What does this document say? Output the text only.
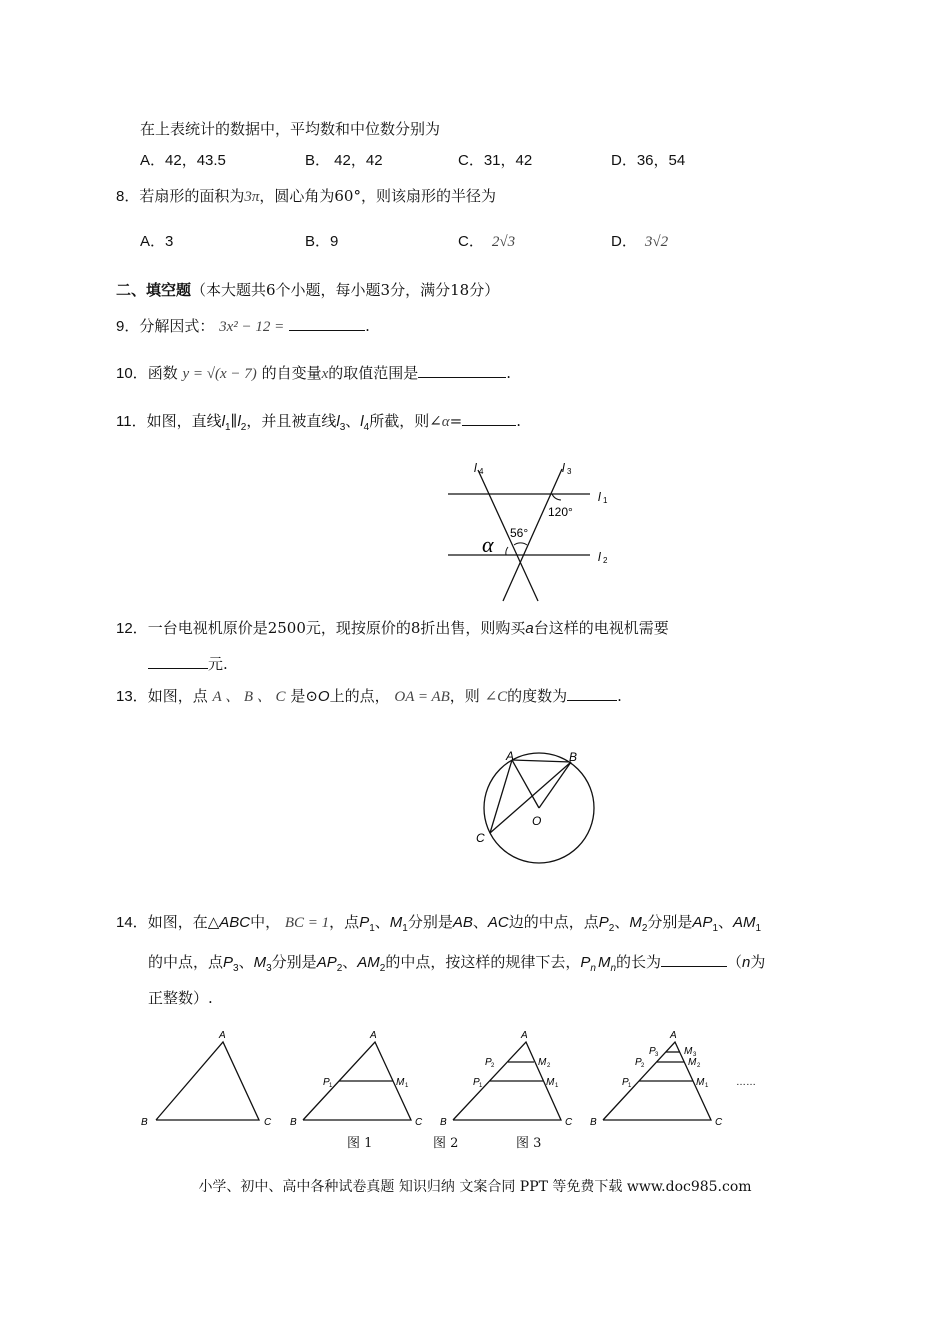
在上表统计的数据中，平均数和中位数分别为
A．42，43.5	B． 42，42	C．31，42	D．36，54
8．若扇形的面积为3π，圆心角为60°，则该扇形的半径为
A．3	B．9	C． 2√3	D． 3√2
二、填空题（本大题共6个小题，每小题3分，满分18分）
9．分解因式： 3x² − 12 =	.
10．函数 y = √(x − 7) 的自变量x的取值范围是	.
11．如图，直线$l_1\parallel l_2$，并且被直线$l_3$、$l_4$所截，则∠α=	.
l 4	l 3
l 1
l 2
120°
56°
α
12．一台电视机原价是2500元，现按原价的8折出售，则购买a台这样的电视机需要
元.
13．如图，点 A 、 B 、 C 是⊙O上的点， OA = AB，则 ∠C的度数为	.
A	B
O
C
14．如图，在△ABC中， BC = 1，点$P_1$、$M_1$分别是AB、AC边的中点，点$P_2$、$M_2$分别是$AP_1$、$AM_1$
的中点，点$P_3$、$M_3$分别是$AP_2$、$AM_2$的中点，按这样的规律下去，$P_n$ $M_n$的长为	（n为
正整数）.
A
B	C
A
B	C
P 1	M 1
A
B	C
P 1	M 1
P 2	M 2
A
B	C
P 1	M 1
P 2	M 2
P 3	M 3
……
图 1	图 2	图 3
小学、初中、高中各种试卷真题 知识归纳 文案合同 PPT 等免费下载 www.doc985.com
